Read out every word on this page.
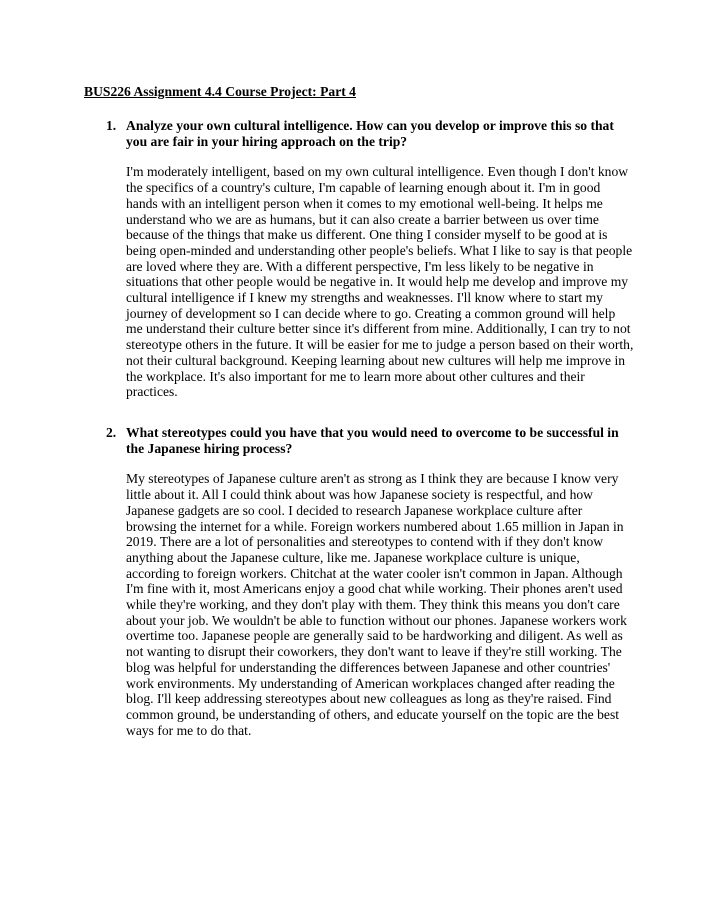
BUS226 Assignment 4.4 Course Project: Part 4
1. Analyze your own cultural intelligence. How can you develop or improve this so that you are fair in your hiring approach on the trip?

I'm moderately intelligent, based on my own cultural intelligence. Even though I don't know the specifics of a country's culture, I'm capable of learning enough about it. I'm in good hands with an intelligent person when it comes to my emotional well-being. It helps me understand who we are as humans, but it can also create a barrier between us over time because of the things that make us different. One thing I consider myself to be good at is being open-minded and understanding other people's beliefs. What I like to say is that people are loved where they are. With a different perspective, I'm less likely to be negative in situations that other people would be negative in. It would help me develop and improve my cultural intelligence if I knew my strengths and weaknesses. I'll know where to start my journey of development so I can decide where to go. Creating a common ground will help me understand their culture better since it's different from mine. Additionally, I can try to not stereotype others in the future. It will be easier for me to judge a person based on their worth, not their cultural background. Keeping learning about new cultures will help me improve in the workplace. It's also important for me to learn more about other cultures and their practices.

2. What stereotypes could you have that you would need to overcome to be successful in the Japanese hiring process?

My stereotypes of Japanese culture aren't as strong as I think they are because I know very little about it. All I could think about was how Japanese society is respectful, and how Japanese gadgets are so cool. I decided to research Japanese workplace culture after browsing the internet for a while. Foreign workers numbered about 1.65 million in Japan in 2019. There are a lot of personalities and stereotypes to contend with if they don't know anything about the Japanese culture, like me. Japanese workplace culture is unique, according to foreign workers. Chitchat at the water cooler isn't common in Japan. Although I'm fine with it, most Americans enjoy a good chat while working. Their phones aren't used while they're working, and they don't play with them. They think this means you don't care about your job. We wouldn't be able to function without our phones. Japanese workers work overtime too. Japanese people are generally said to be hardworking and diligent. As well as not wanting to disrupt their coworkers, they don't want to leave if they're still working. The blog was helpful for understanding the differences between Japanese and other countries' work environments. My understanding of American workplaces changed after reading the blog. I'll keep addressing stereotypes about new colleagues as long as they're raised. Find common ground, be understanding of others, and educate yourself on the topic are the best ways for me to do that.
